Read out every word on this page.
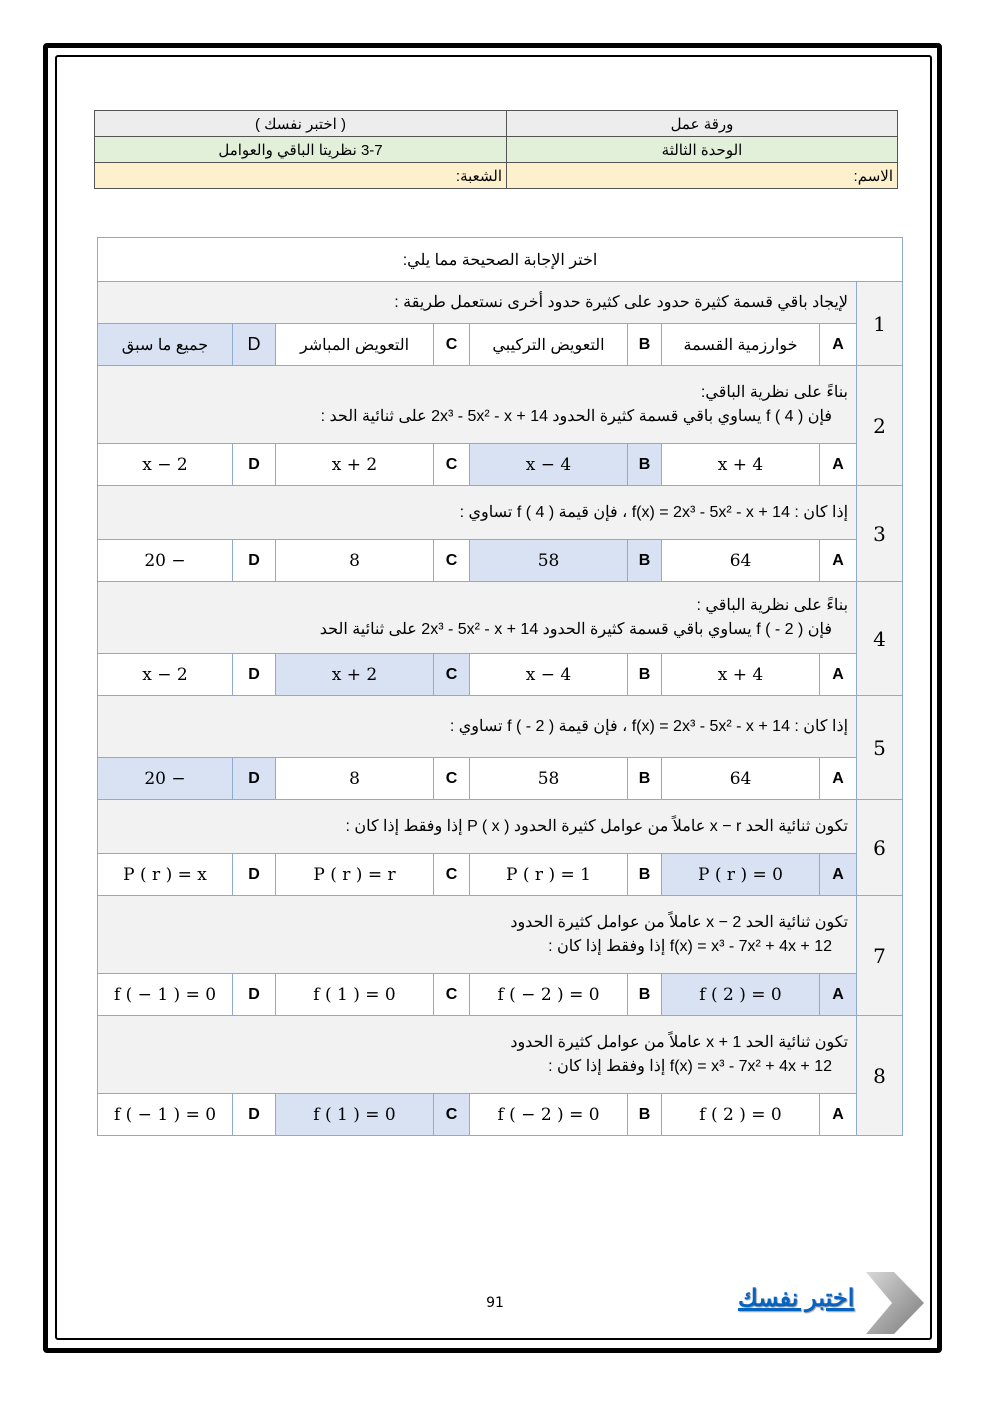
ورقة عمل	( اختبر نفسك )
الوحدة الثالثة	3-7 نظريتا الباقي والعوامل
الاسم:	الشعبة:
اختر الإجابة الصحيحة مما يلي:								
1	لإيجاد باقي قسمة كثيرة حدود على كثيرة حدود أخرى نستعمل طريقة :							

	A	خوارزمية القسمة	B	التعويض التركيبي	C	التعويض المباشر	D	جميع ما سبق
2	بناءً على نظرية الباقي:
فإن f ( 4 ) يساوي باقي قسمة كثيرة الحدود 2x³ - 5x² - x + 14 على ثنائية الحد :							

	A	x + 4	B	x − 4	C	x + 2	D	x − 2
3	إذا كان : f(x) = 2x³ - 5x² - x + 14 ، فإن قيمة f ( 4 ) تساوي :							

	A	64	B	58	C	8	D	− 20
4	بناءً على نظرية الباقي :
فإن f ( - 2 ) يساوي باقي قسمة كثيرة الحدود 2x³ - 5x² - x + 14 على ثنائية الحد							

	A	x + 4	B	x − 4	C	x + 2	D	x − 2
5	إذا كان : f(x) = 2x³ - 5x² - x + 14 ، فإن قيمة f ( - 2 ) تساوي :							

	A	64	B	58	C	8	D	− 20
6	تكون ثنائية الحد x − r عاملاً من عوامل كثيرة الحدود P ( x ) إذا وفقط إذا كان :							

	A	P ( r ) = 0	B	P ( r ) = 1	C	P ( r ) = r	D	P ( r ) = x
7	تكون ثنائية الحد x − 2 عاملاً من عوامل كثيرة الحدود
f(x) = x³ - 7x² + 4x + 12 إذا وفقط إذا كان :							

	A	f ( 2 ) = 0	B	f ( − 2 ) = 0	C	f ( 1 ) = 0	D	f ( − 1 ) = 0
8	تكون ثنائية الحد x + 1 عاملاً من عوامل كثيرة الحدود
f(x) = x³ - 7x² + 4x + 12 إذا وفقط إذا كان :							

	A	f ( 2 ) = 0	B	f ( − 2 ) = 0	C	f ( 1 ) = 0	D	f ( − 1 ) = 0
91	اختبر نفسك
